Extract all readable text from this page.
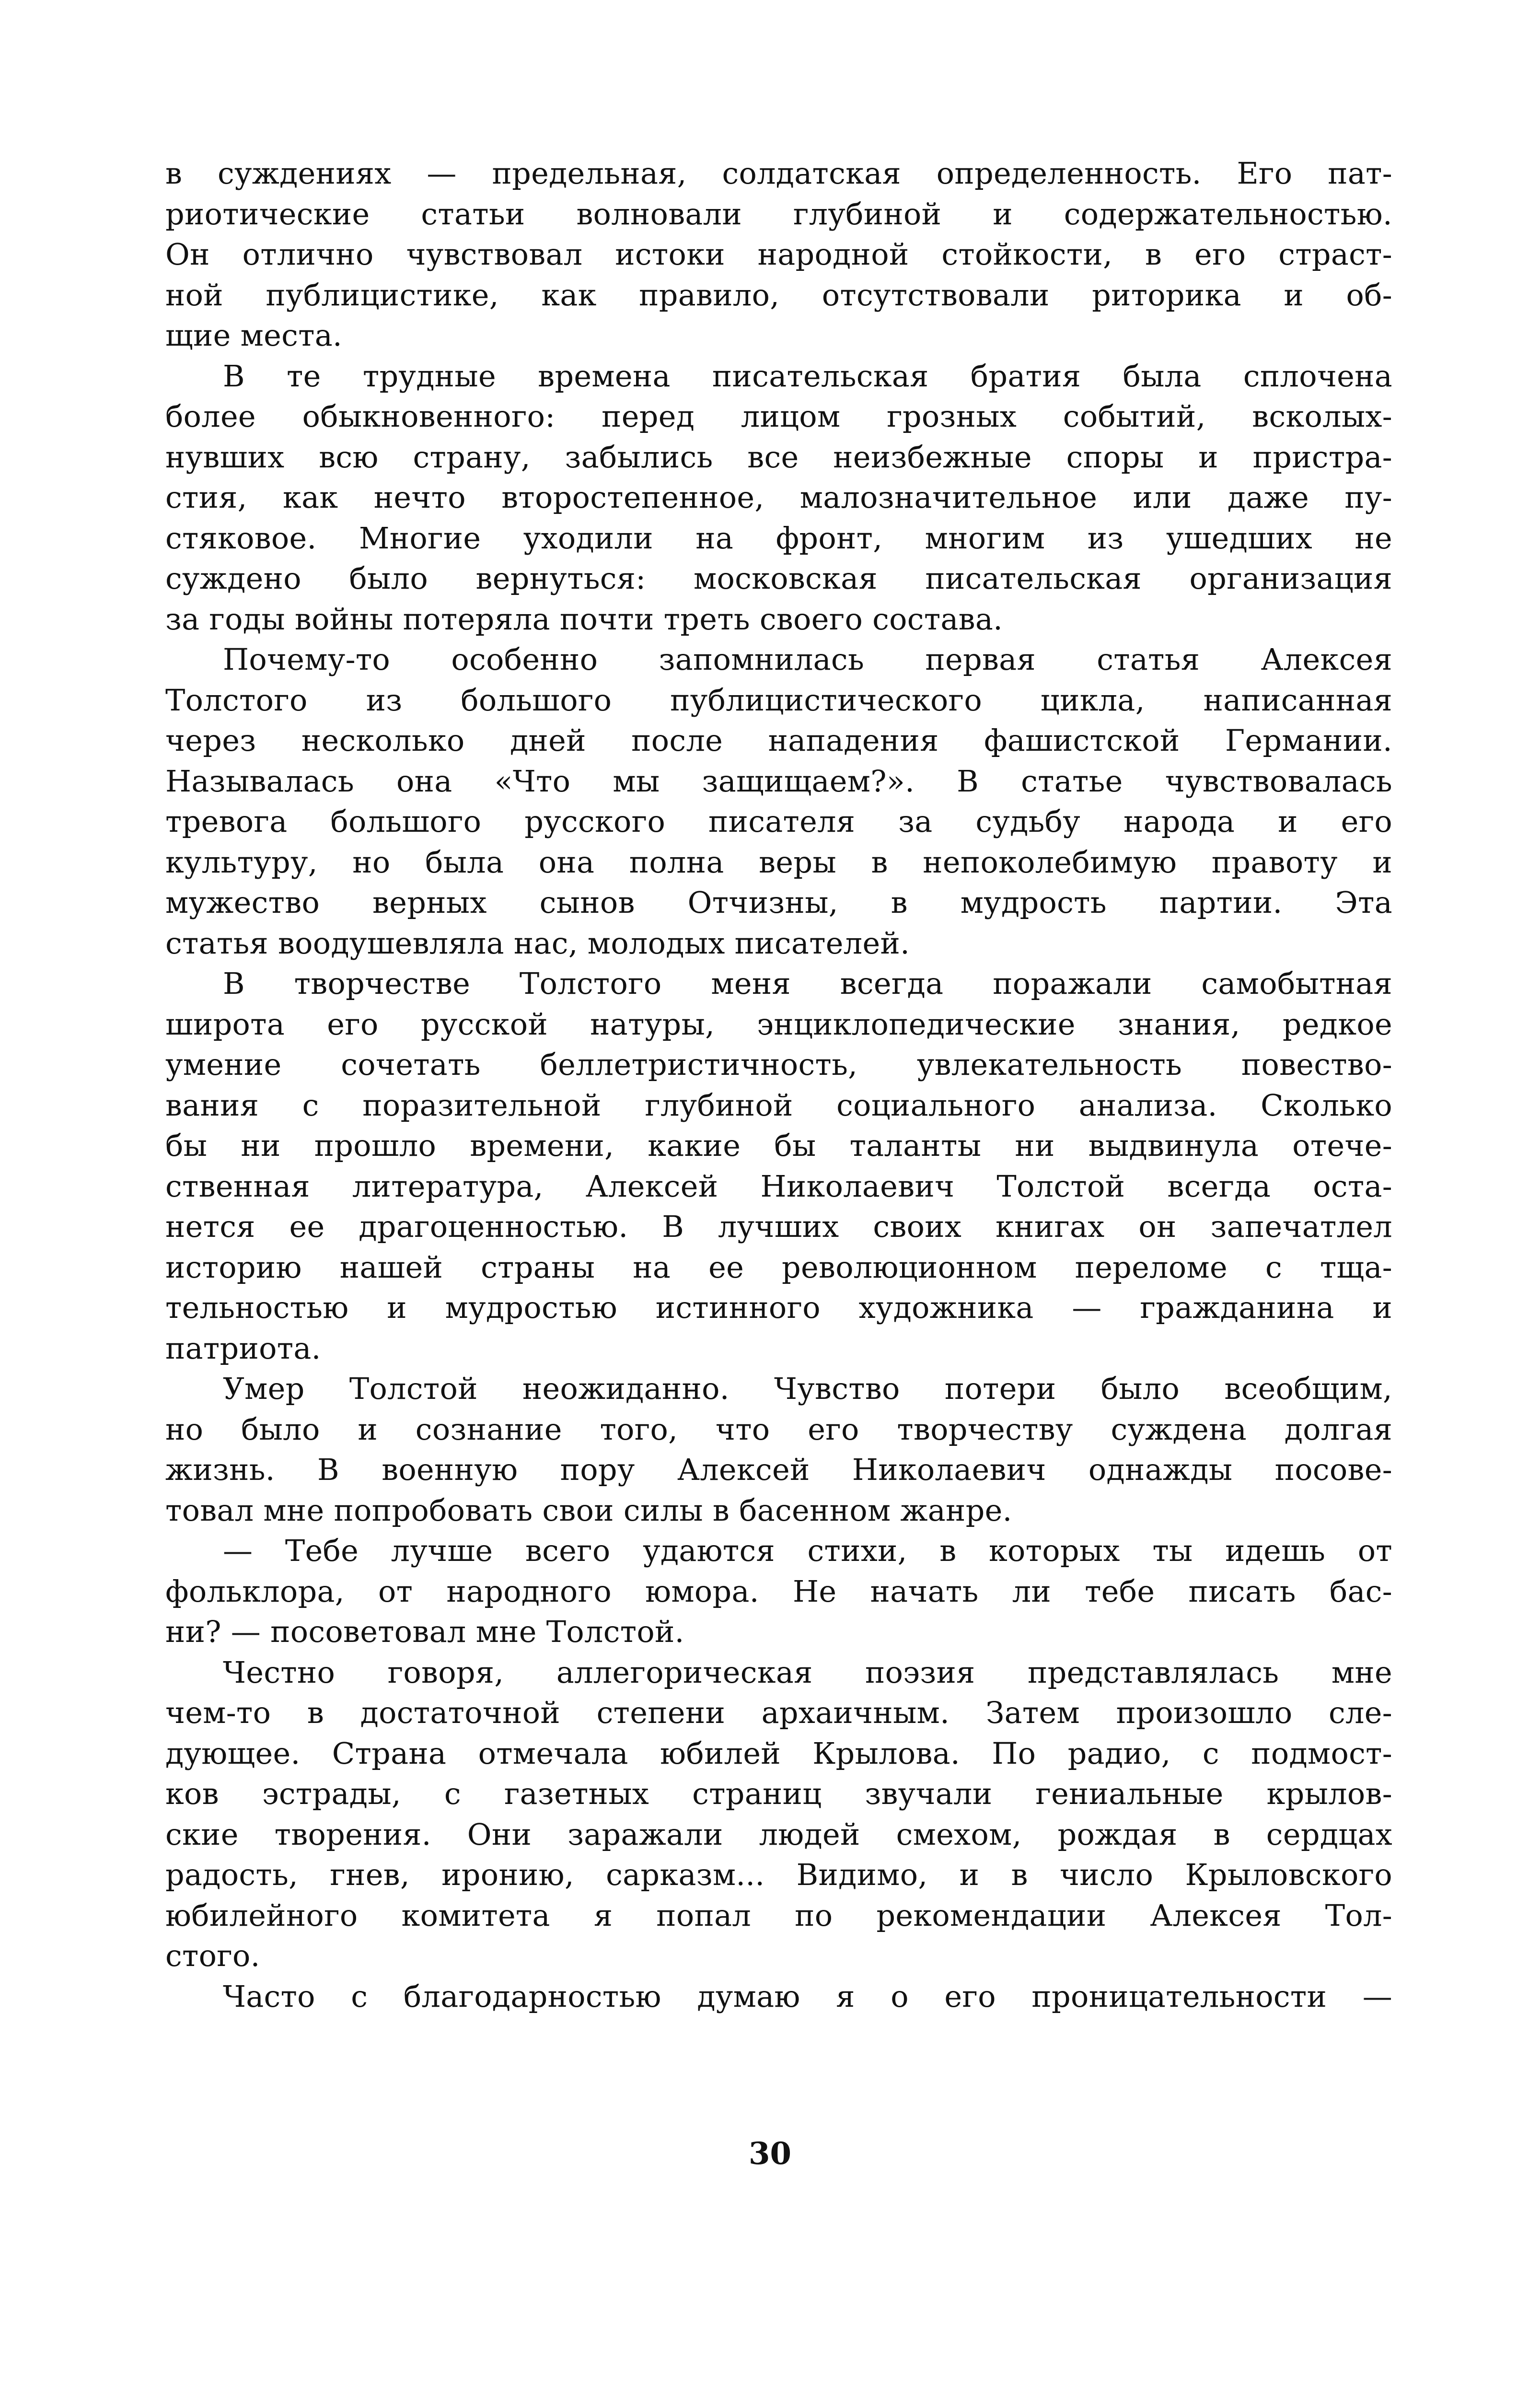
в суждениях — предельная, солдатская определенность. Его пат-
риотические статьи волновали глубиной и содержательностью.
Он отлично чувствовал истоки народной стойкости, в его страст-
ной публицистике, как правило, отсутствовали риторика и об-
щие места.
В те трудные времена писательская братия была сплочена
более обыкновенного: перед лицом грозных событий, всколых-
нувших всю страну, забылись все неизбежные споры и пристра-
стия, как нечто второстепенное, малозначительное или даже пу-
стяковое. Многие уходили на фронт, многим из ушедших не
суждено было вернуться: московская писательская организация
за годы войны потеряла почти треть своего состава.
Почему-то особенно запомнилась первая статья Алексея
Толстого из большого публицистического цикла, написанная
через несколько дней после нападения фашистской Германии.
Называлась она «Что мы защищаем?». В статье чувствовалась
тревога большого русского писателя за судьбу народа и его
культуру, но была она полна веры в непоколебимую правоту и
мужество верных сынов Отчизны, в мудрость партии. Эта
статья воодушевляла нас, молодых писателей.
В творчестве Толстого меня всегда поражали самобытная
широта его русской натуры, энциклопедические знания, редкое
умение сочетать беллетристичность, увлекательность повество-
вания с поразительной глубиной социального анализа. Сколько
бы ни прошло времени, какие бы таланты ни выдвинула отече-
ственная литература, Алексей Николаевич Толстой всегда оста-
нется ее драгоценностью. В лучших своих книгах он запечатлел
историю нашей страны на ее революционном переломе с тща-
тельностью и мудростью истинного художника — гражданина и
патриота.
Умер Толстой неожиданно. Чувство потери было всеобщим,
но было и сознание того, что его творчеству суждена долгая
жизнь. В военную пору Алексей Николаевич однажды посове-
товал мне попробовать свои силы в басенном жанре.
— Тебе лучше всего удаются стихи, в которых ты идешь от
фольклора, от народного юмора. Не начать ли тебе писать бас-
ни? — посоветовал мне Толстой.
Честно говоря, аллегорическая поэзия представлялась мне
чем-то в достаточной степени архаичным. Затем произошло сле-
дующее. Страна отмечала юбилей Крылова. По радио, с подмост-
ков эстрады, с газетных страниц звучали гениальные крылов-
ские творения. Они заражали людей смехом, рождая в сердцах
радость, гнев, иронию, сарказм... Видимо, и в число Крыловского
юбилейного комитета я попал по рекомендации Алексея Тол-
стого.
Часто с благодарностью думаю я о его проницательности —
30
